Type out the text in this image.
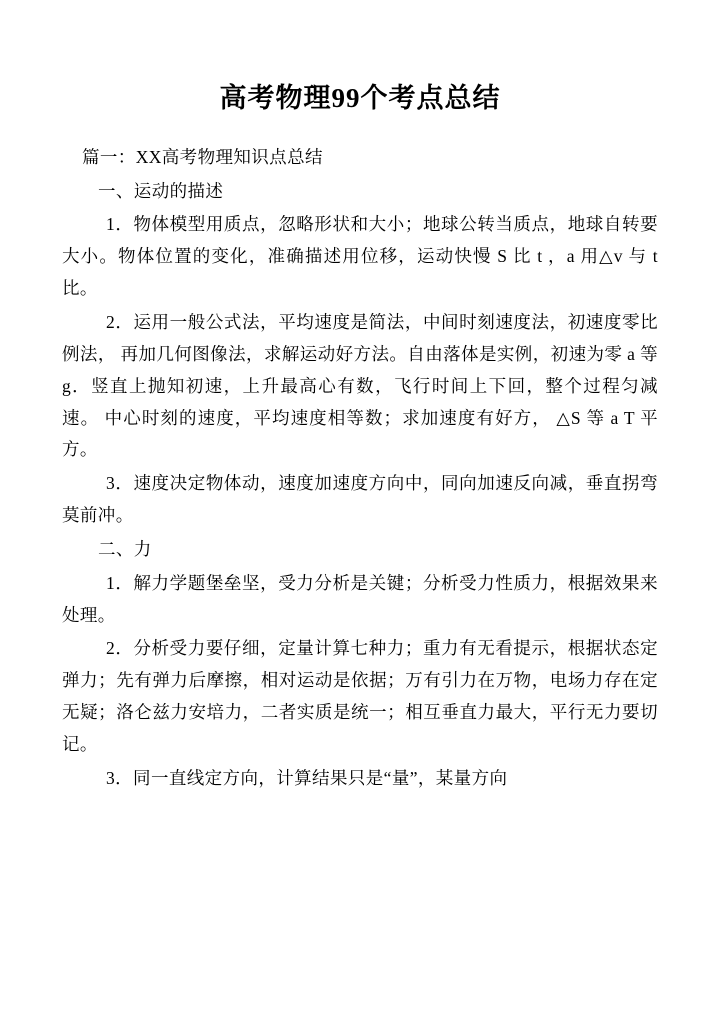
高考物理99个考点总结

篇一：XX高考物理知识点总结

一、运动的描述

1．物体模型用质点，忽略形状和大小；地球公转当质点，地球自转要大小。物体位置的变化，准确描述用位移，运动快慢 S 比 t ，a 用△v 与 t 比。

2．运用一般公式法，平均速度是简法，中间时刻速度法，初速度零比例法， 再加几何图像法，求解运动好方法。自由落体是实例，初速为零 a 等 g．竖直上抛知初速，上升最高心有数，飞行时间上下回，整个过程匀减速。 中心时刻的速度，平均速度相等数；求加速度有好方， △S 等 a T 平方。

3．速度决定物体动，速度加速度方向中，同向加速反向减，垂直拐弯莫前冲。

二、力

1．解力学题堡垒坚，受力分析是关键；分析受力性质力，根据效果来处理。

2．分析受力要仔细，定量计算七种力；重力有无看提示，根据状态定弹力；先有弹力后摩擦，相对运动是依据；万有引力在万物，电场力存在定无疑；洛仑兹力安培力，二者实质是统一；相互垂直力最大，平行无力要切记。

3．同一直线定方向，计算结果只是“量”，某量方向
